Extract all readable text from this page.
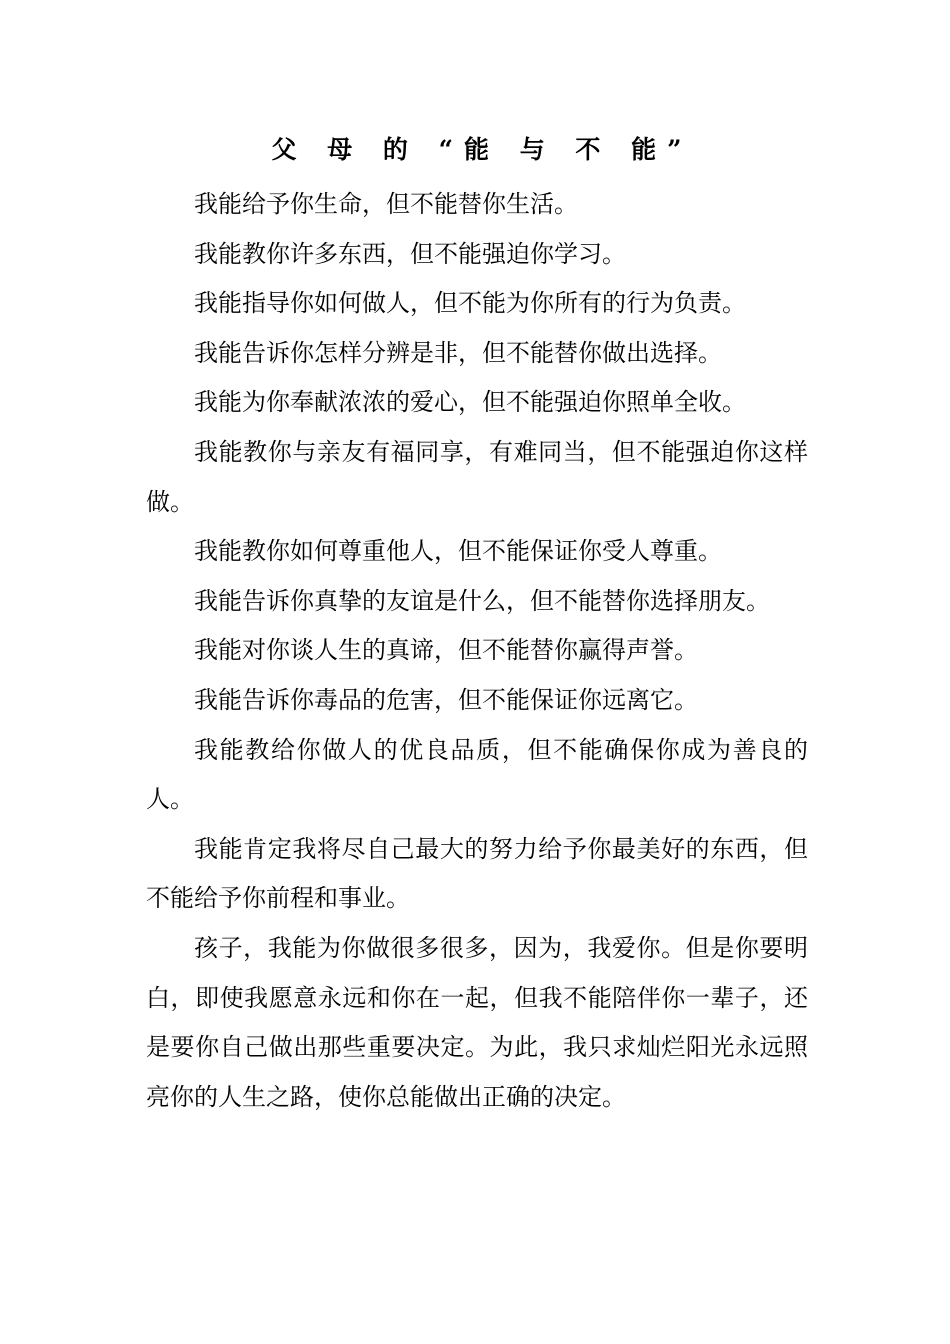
父 母 的 “能 与 不 能”

我能给予你生命，但不能替你生活。

我能教你许多东西，但不能强迫你学习。

我能指导你如何做人，但不能为你所有的行为负责。

我能告诉你怎样分辨是非，但不能替你做出选择。

我能为你奉献浓浓的爱心，但不能强迫你照单全收。

我能教你与亲友有福同享，有难同当，但不能强迫你这样做。

我能教你如何尊重他人，但不能保证你受人尊重。

我能告诉你真挚的友谊是什么，但不能替你选择朋友。

我能对你谈人生的真谛，但不能替你赢得声誉。

我能告诉你毒品的危害，但不能保证你远离它。

我能教给你做人的优良品质，但不能确保你成为善良的人。

我能肯定我将尽自己最大的努力给予你最美好的东西，但不能给予你前程和事业。

孩子，我能为你做很多很多，因为，我爱你。但是你要明白，即使我愿意永远和你在一起，但我不能陪伴你一辈子，还是要你自己做出那些重要决定。为此，我只求灿烂阳光永远照亮你的人生之路，使你总能做出正确的决定。
